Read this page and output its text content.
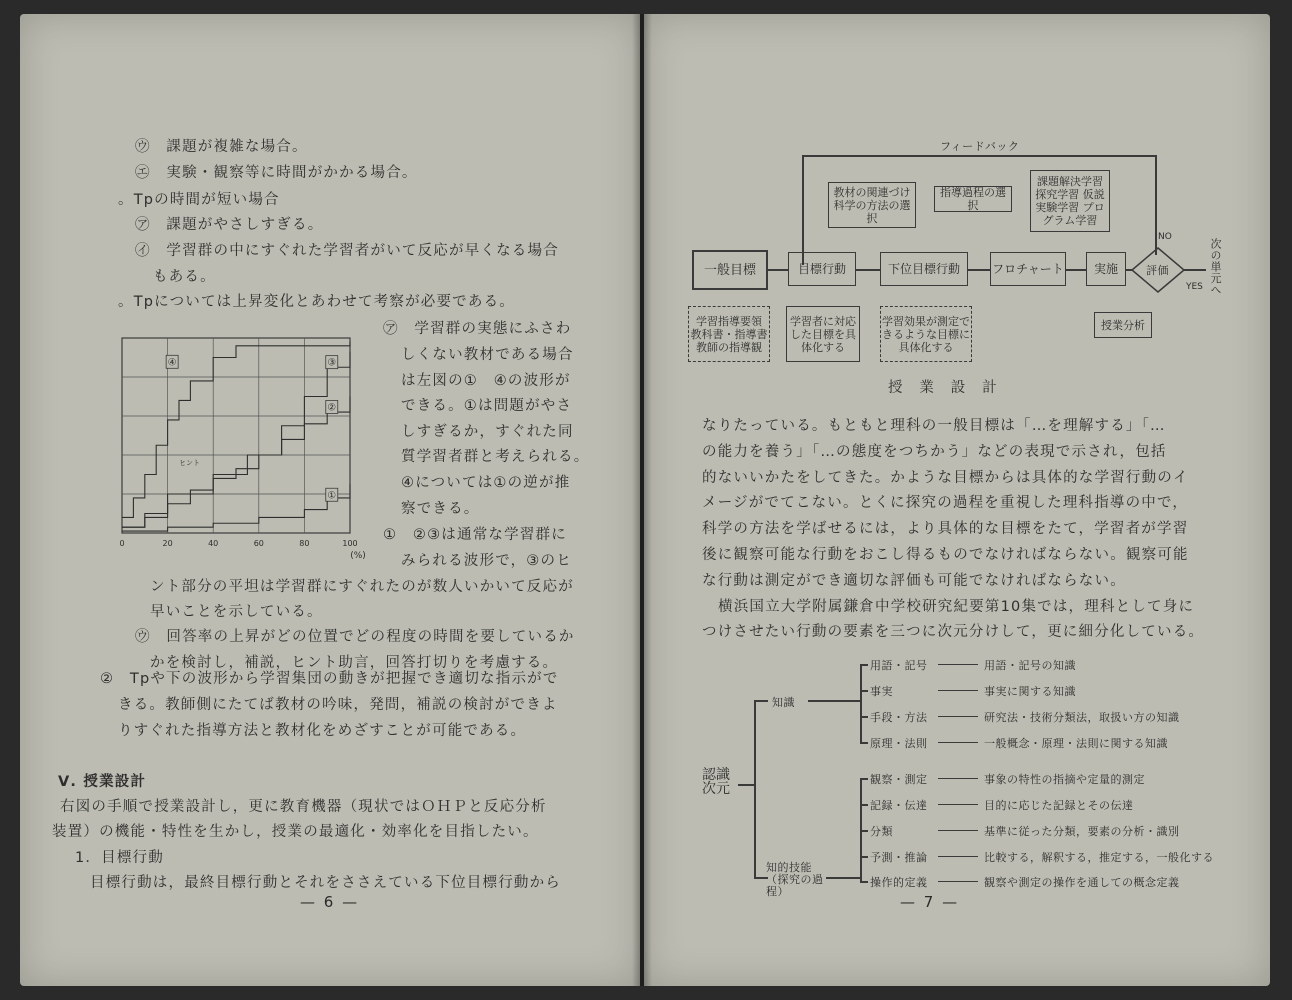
㋒　課題が複雑な場合。
㋓　実験・観察等に時間がかかる場合。
。Tpの時間が短い場合
㋐　課題がやさしすぎる。
㋑　学習群の中にすぐれた学習者がいて反応が早くなる場合
もある。
。Tpについては上昇変化とあわせて考察が必要である。
㋐　学習群の実態にふさわ
しくない教材である場合
は左図の①　④の波形が
できる。①は問題がやさ
しすぎるか，すぐれた同
質学習者群と考えられる。
④については①の逆が推
察できる。
①　②③は通常な学習群に
みられる波形で，③のヒ
ント部分の平坦は学習群にすぐれたのが数人いかいて反応が
早いことを示している。
㋒　回答率の上昇がどの位置でどの程度の時間を要しているか
かを検討し，補説，ヒント助言，回答打切りを考慮する。
②　Tpや下の波形から学習集団の動きが把握でき適切な指示がで
きる。教師側にたてば教材の吟味，発問，補説の検討ができよ
りすぐれた指導方法と教材化をめざすことが可能である。
Ⅴ. 授業設計
右図の手順で授業設計し，更に教育機器（現状ではＯＨＰと反応分析
装置）の機能・特性を生かし，授業の最適化・効率化を目指したい。
1．目標行動
目標行動は，最終目標行動とそれをささえている下位目標行動から
— 6 —
④	③
②
①
0	20	40	60	80	100
(%)
ヒント
フィードバック
教材の関連づけ 科学の方法の選択
指導過程の選択
課題解決学習 探究学習 仮説実験学習 プログラム学習
一般目標	目標行動	下位目標行動	フロチャート	実施	評価
YES
NO
次の単元へ
学習指導要領 教科書・指導書 教師の指導観
学習者に対応した目標を具体化する
学習効果が測定できるような目標に具体化する
授業分析
授　業　設　計
なりたっている。もともと理科の一般目標は「…を理解する」「…
の能力を養う」「…の態度をつちかう」などの表現で示され，包括
的ないいかたをしてきた。かような目標からは具体的な学習行動のイ
メージがでてこない。とくに探究の過程を重視した理科指導の中で，
科学の方法を学ばせるには，より具体的な目標をたて，学習者が学習
後に観察可能な行動をおこし得るものでなければならない。観察可能
な行動は測定ができ適切な評価も可能でなければならない。
横浜国立大学附属鎌倉中学校研究紀要第10集では，理科として身に
つけさせたい行動の要素を三つに次元分けして，更に細分化している。
認識次元
知識
知的技能（探究の過程）
用語・記号	用語・記号の知識
事実	事実に関する知識
手段・方法	研究法・技術分類法，取扱い方の知識
原理・法則	一般概念・原理・法則に関する知識
観察・測定	事象の特性の指摘や定量的測定
記録・伝達	目的に応じた記録とその伝達
分類	基準に従った分類，要素の分析・識別
予測・推論	比較する，解釈する，推定する，一般化する
操作的定義	観察や測定の操作を通しての概念定義
— 7 —
